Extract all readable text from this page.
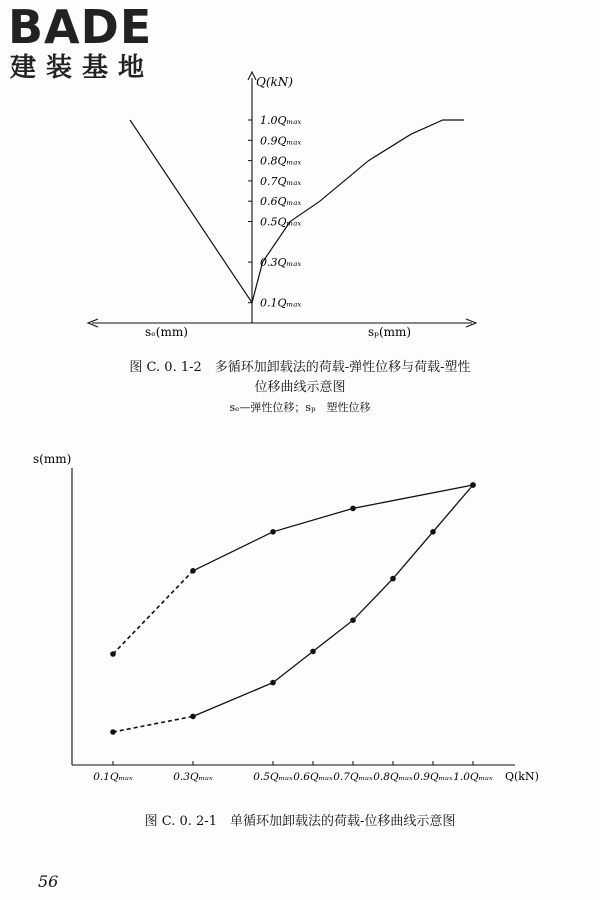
BADE
建装基地
1.0Qₘₐₓ
0.9Qₘₐₓ
0.8Qₘₐₓ
0.7Qₘₐₓ
0.6Qₘₐₓ
0.5Qₘₐₓ
0.3Qₘₐₓ
0.1Qₘₐₓ
Q(kN)
sₑ(mm)	sₚ(mm)
图 C. 0. 1-2　多循环加卸载法的荷载-弹性位移与荷载-塑性
位移曲线示意图
sₑ—弹性位移；sₚ　塑性位移
0.1Qₘₐₓ	0.3Qₘₐₓ	0.5Qₘₐₓ 0.6Qₘₐₓ 0.7Qₘₐₓ 0.8Qₘₐₓ 0.9Qₘₐₓ 1.0Qₘₐₓ
s(mm)
Q(kN)
图 C. 0. 2-1　单循环加卸载法的荷载-位移曲线示意图
56
